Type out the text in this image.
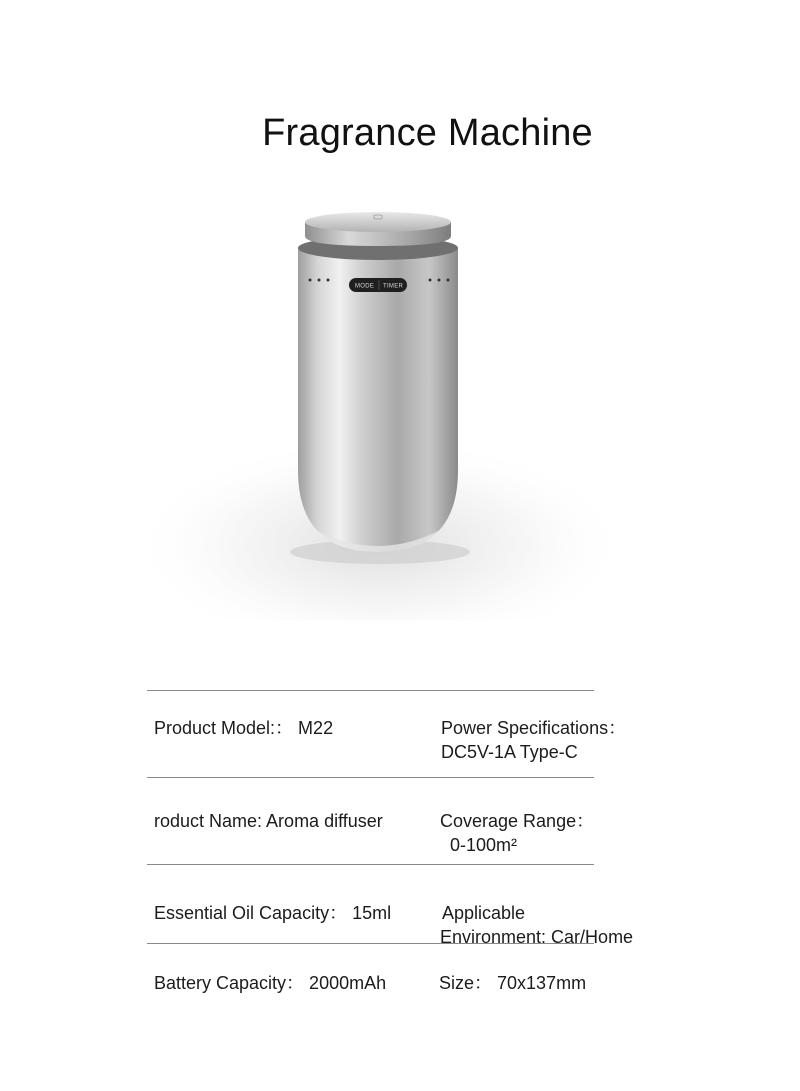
Fragrance Machine
MODE TIMER
Product Model:： M22	Power Specifications：
DC5V-1A Type-C
roduct Name: Aroma diffuser	Coverage Range：
0-100m²
Essential Oil Capacity： 15ml	Applicable
Environment: Car/Home
Battery Capacity： 2000mAh	Size： 70x137mm
